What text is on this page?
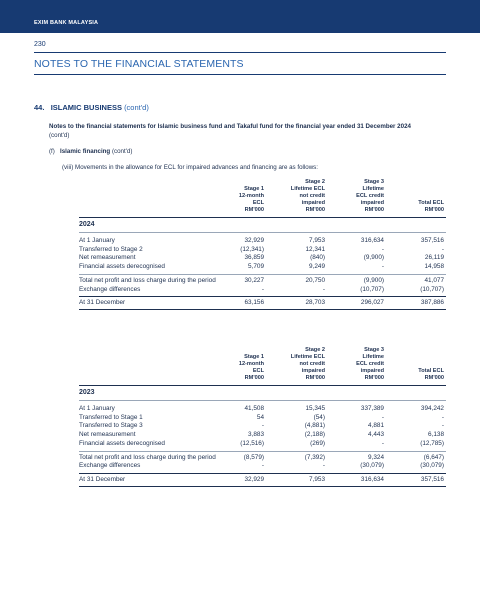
EXIM BANK MALAYSIA
230
NOTES TO THE FINANCIAL STATEMENTS
44. ISLAMIC BUSINESS (cont'd)
Notes to the financial statements for Islamic business fund and Takaful fund for the financial year ended 31 December 2024
(cont'd)
(f) Islamic financing (cont'd)
(viii) Movements in the allowance for ECL for impaired advances and financing are as follows:
Stage 1
12-month
ECL
RM'000
Stage 2
Lifetime ECL
not credit
impaired
RM'000
Stage 3
Lifetime
ECL credit
impaired
RM'000
Total ECL
RM'000
2024
At 1 January	32,929	7,953	316,634	357,516
Transferred to Stage 2	(12,341)	12,341	-	-
Net remeasurement	36,859	(840)	(9,900)	26,119
Financial assets derecognised	5,709	9,249	-	14,958
Total net profit and loss charge during the period	30,227	20,750	(9,900)	41,077
Exchange differences	-	-	(10,707)	(10,707)
At 31 December	63,156	28,703	296,027	387,886
Stage 1
12-month
ECL
RM'000
Stage 2
Lifetime ECL
not credit
impaired
RM'000
Stage 3
Lifetime
ECL credit
impaired
RM'000
Total ECL
RM'000
2023
At 1 January	41,508	15,345	337,389	394,242
Transferred to Stage 1	54	(54)	-	-
Transferred to Stage 3	-	(4,881)	4,881	-
Net remeasurement	3,883	(2,188)	4,443	6,138
Financial assets derecognised	(12,516)	(269)	-	(12,785)
Total net profit and loss charge during the period	(8,579)	(7,392)	9,324	(6,647)
Exchange differences	-	-	(30,079)	(30,079)
At 31 December	32,929	7,953	316,634	357,516
